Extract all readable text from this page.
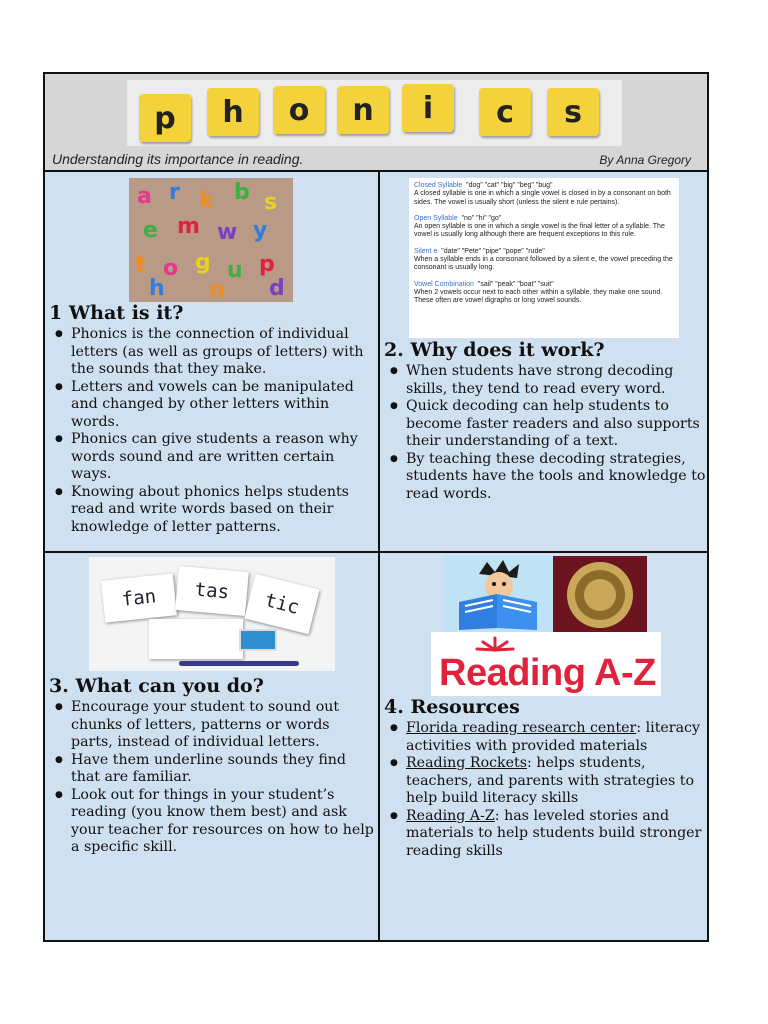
p	h	o	n	i	c	s
Understanding its importance in reading.	By Anna Gregory
a r k b s
e m w y
t o g u p
h n d
1 What is it?
● Phonics is the connection of individual letters (as well as groups of letters) with the sounds that they make.
● Letters and vowels can be manipulated and changed by other letters within words.
● Phonics can give students a reason why words sound and are written certain ways.
● Knowing about phonics helps students read and write words based on their knowledge of letter patterns.

Closed Syllable "dog" "cat" "big" "beg" "bug"
A closed syllable is one in which a single vowel is closed in by a consonant on both sides. The vowel is usually short (unless the silent e rule pertains).

Open Syllable "no" "hi" "go"
An open syllable is one in which a single vowel is the final letter of a syllable. The vowel is usually long although there are frequent exceptions to this rule.

Silent e "date" "Pete" "pipe" "pope" "rude"
When a syllable ends in a consonant followed by a silent e, the vowel preceding the consonant is usually long.

Vowel Combination "sail" "peak" "boat" "suit"
When 2 vowels occur next to each other within a syllable, they make one sound. These often are vowel digraphs or long vowel sounds.

2. Why does it work?
● When students have strong decoding skills, they tend to read every word.
● Quick decoding can help students to become faster readers and also supports their understanding of a text.
● By teaching these decoding strategies, students have the tools and knowledge to read words.
fan	tas	tic
3. What can you do?
● Encourage your student to sound out chunks of letters, patterns or words parts, instead of individual letters.
● Have them underline sounds they find that are familiar.
● Look out for things in your student’s reading (you know them best) and ask your teacher for resources on how to help a specific skill.
Reading A-Z
4. Resources
● Florida reading research center: literacy activities with provided materials
● Reading Rockets: helps students, teachers, and parents with strategies to help build literacy skills
● Reading A-Z: has leveled stories and materials to help students build stronger reading skills
